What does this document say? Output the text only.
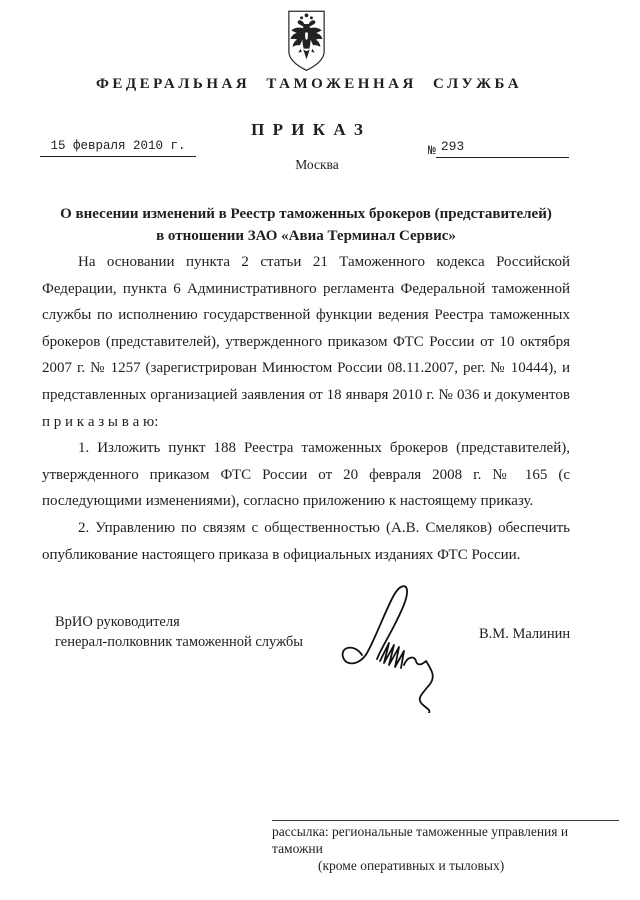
ФЕДЕРАЛЬНАЯ ТАМОЖЕННАЯ СЛУЖБА
П Р И К А З
15 февраля 2010 г.	№ 293
Москва
О внесении изменений в Реестр таможенных брокеров (представителей)
в отношении ЗАО «Авиа Терминал Сервис»

На основании пункта 2 статьи 21 Таможенного кодекса Российской Федерации, пункта 6 Административного регламента Федеральной таможенной службы по исполнению государственной функции ведения Реестра таможенных брокеров (представителей), утвержденного приказом ФТС России от 10 октября 2007 г. № 1257 (зарегистрирован Минюстом России 08.11.2007, рег. № 10444), и представленных организацией заявления от 18 января 2010 г. № 036 и документов п р и к а з ы в а ю:

1. Изложить пункт 188 Реестра таможенных брокеров (представителей), утвержденного приказом ФТС России от 20 февраля 2008 г. № 165 (с последующими изменениями), согласно приложению к настоящему приказу.

2. Управлению по связям с общественностью (А.В. Смеляков) обеспечить опубликование настоящего приказа в официальных изданиях ФТС России.

ВрИО руководителя
генерал-полковник таможенной службы	В.М. Малинин
рассылка: региональные таможенные управления и таможни
(кроме оперативных и тыловых)
